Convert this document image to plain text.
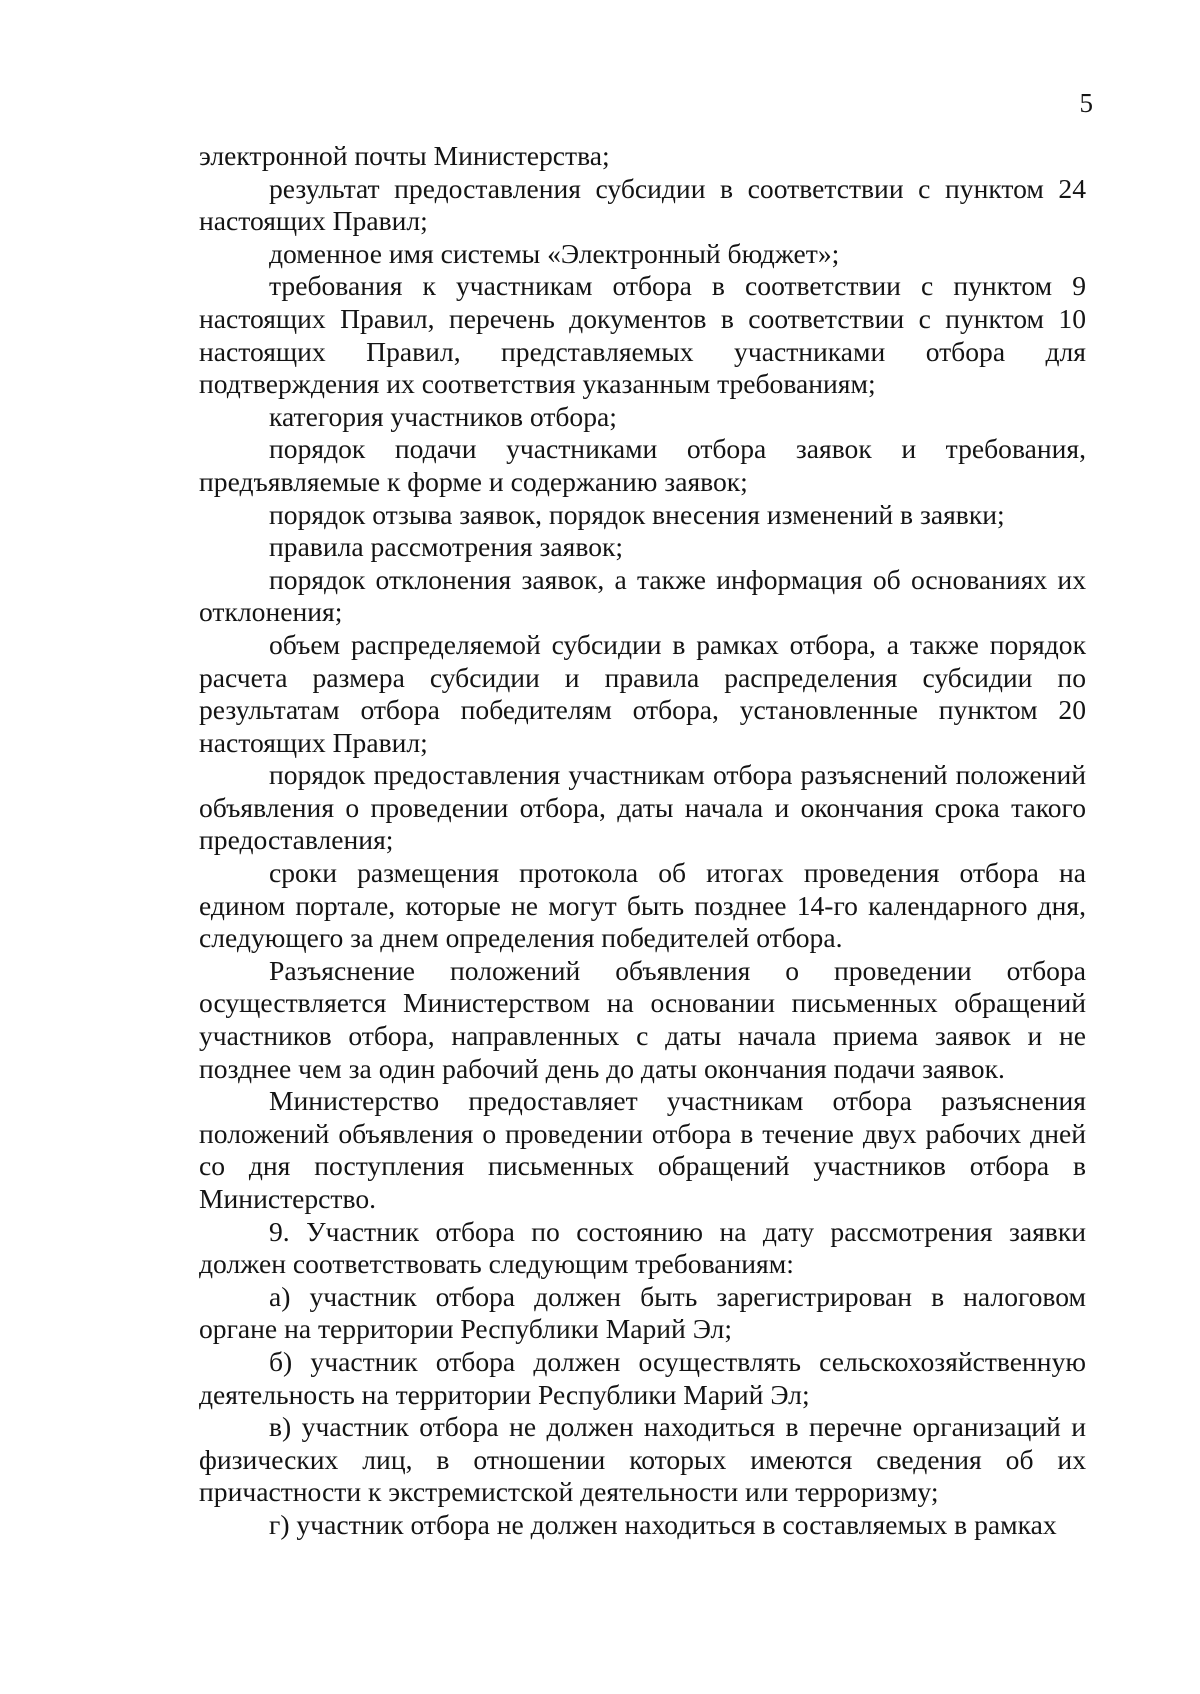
5

электронной почты Министерства;

результат предоставления субсидии в соответствии с пунктом 24 настоящих Правил;

доменное имя системы «Электронный бюджет»;

требования к участникам отбора в соответствии с пунктом 9 настоящих Правил, перечень документов в соответствии с пунктом 10 настоящих Правил, представляемых участниками отбора для подтверждения их соответствия указанным требованиям;

категория участников отбора;

порядок подачи участниками отбора заявок и требования, предъявляемые к форме и содержанию заявок;

порядок отзыва заявок, порядок внесения изменений в заявки;

правила рассмотрения заявок;

порядок отклонения заявок, а также информация об основаниях их отклонения;

объем распределяемой субсидии в рамках отбора, а также порядок расчета размера субсидии и правила распределения субсидии по результатам отбора победителям отбора, установленные пунктом 20 настоящих Правил;

порядок предоставления участникам отбора разъяснений положений объявления о проведении отбора, даты начала и окончания срока такого предоставления;

сроки размещения протокола об итогах проведения отбора на едином портале, которые не могут быть позднее 14-го календарного дня, следующего за днем определения победителей отбора.

Разъяснение положений объявления о проведении отбора осуществляется Министерством на основании письменных обращений участников отбора, направленных с даты начала приема заявок и не позднее чем за один рабочий день до даты окончания подачи заявок.

Министерство предоставляет участникам отбора разъяснения положений объявления о проведении отбора в течение двух рабочих дней со дня поступления письменных обращений участников отбора в Министерство.

9. Участник отбора по состоянию на дату рассмотрения заявки должен соответствовать следующим требованиям:

а) участник отбора должен быть зарегистрирован в налоговом органе на территории Республики Марий Эл;

б) участник отбора должен осуществлять сельскохозяйственную деятельность на территории Республики Марий Эл;

в) участник отбора не должен находиться в перечне организаций и физических лиц, в отношении которых имеются сведения об их причастности к экстремистской деятельности или терроризму;

г) участник отбора не должен находиться в составляемых в рамках
